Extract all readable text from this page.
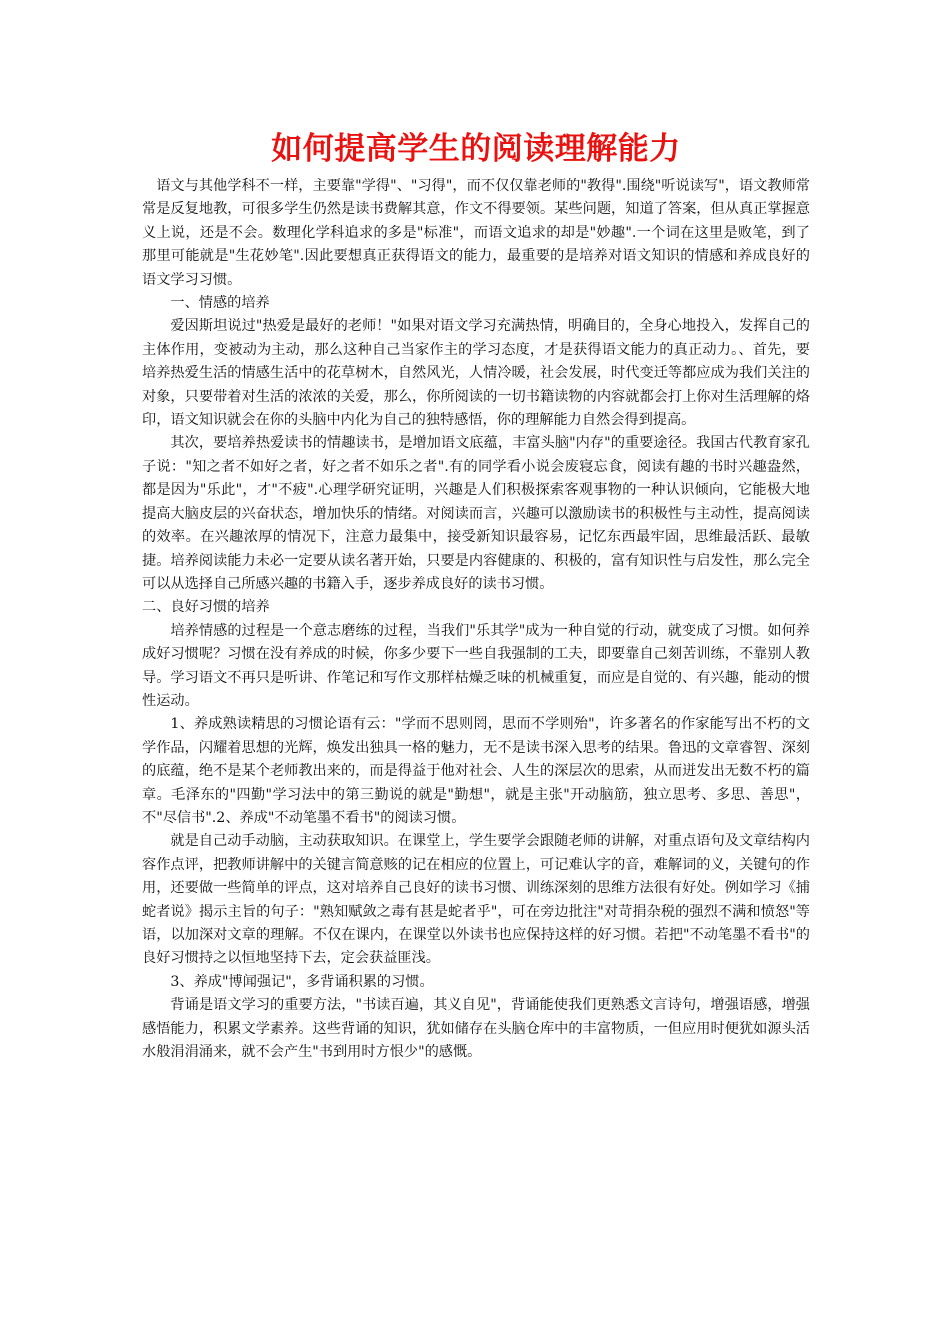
如何提高学生的阅读理解能力

语文与其他学科不一样，主要靠"学得"、"习得"，而不仅仅靠老师的"教得".围绕"听说读写"，语文教师常常是反复地教，可很多学生仍然是读书费解其意，作文不得要领。某些问题，知道了答案，但从真正掌握意义上说，还是不会。数理化学科追求的多是"标准"，而语文追求的却是"妙趣".一个词在这里是败笔，到了那里可能就是"生花妙笔".因此要想真正获得语文的能力，最重要的是培养对语文知识的情感和养成良好的语文学习习惯。

一、情感的培养

爱因斯坦说过"热爱是最好的老师！"如果对语文学习充满热情，明确目的，全身心地投入，发挥自己的主体作用，变被动为主动，那么这种自己当家作主的学习态度，才是获得语文能力的真正动力。、首先，要培养热爱生活的情感生活中的花草树木，自然风光，人情冷暖，社会发展，时代变迁等都应成为我们关注的对象，只要带着对生活的浓浓的关爱，那么，你所阅读的一切书籍读物的内容就都会打上你对生活理解的烙印，语文知识就会在你的头脑中内化为自己的独特感悟，你的理解能力自然会得到提高。

其次，要培养热爱读书的情趣读书，是增加语文底蕴，丰富头脑"内存"的重要途径。我国古代教育家孔子说："知之者不如好之者，好之者不如乐之者".有的同学看小说会废寝忘食，阅读有趣的书时兴趣盎然，都是因为"乐此"，才"不疲".心理学研究证明，兴趣是人们积极探索客观事物的一种认识倾向，它能极大地提高大脑皮层的兴奋状态，增加快乐的情绪。对阅读而言，兴趣可以激励读书的积极性与主动性，提高阅读的效率。在兴趣浓厚的情况下，注意力最集中，接受新知识最容易，记忆东西最牢固，思维最活跃、最敏捷。培养阅读能力未必一定要从读名著开始，只要是内容健康的、积极的，富有知识性与启发性，那么完全可以从选择自己所感兴趣的书籍入手，逐步养成良好的读书习惯。

二、良好习惯的培养

培养情感的过程是一个意志磨练的过程，当我们"乐其学"成为一种自觉的行动，就变成了习惯。如何养成好习惯呢？习惯在没有养成的时候，你多少要下一些自我强制的工夫，即要靠自己刻苦训练，不靠别人教导。学习语文不再只是听讲、作笔记和写作文那样枯燥乏味的机械重复，而应是自觉的、有兴趣，能动的惯性运动。

1、养成熟读精思的习惯论语有云："学而不思则罔，思而不学则殆"，许多著名的作家能写出不朽的文学作品，闪耀着思想的光辉，焕发出独具一格的魅力，无不是读书深入思考的结果。鲁迅的文章睿智、深刻的底蕴，绝不是某个老师教出来的，而是得益于他对社会、人生的深层次的思索，从而迸发出无数不朽的篇章。毛泽东的"四勤"学习法中的第三勤说的就是"勤想"，就是主张"开动脑筋，独立思考、多思、善思"，不"尽信书".2、养成"不动笔墨不看书"的阅读习惯。

就是自己动手动脑，主动获取知识。在课堂上，学生要学会跟随老师的讲解，对重点语句及文章结构内容作点评，把教师讲解中的关键言简意赅的记在相应的位置上，可记难认字的音，难解词的义，关键句的作用，还要做一些简单的评点，这对培养自己良好的读书习惯、训练深刻的思维方法很有好处。例如学习《捕蛇者说》揭示主旨的句子："熟知赋敛之毒有甚是蛇者乎"，可在旁边批注"对苛捐杂税的强烈不满和愤怒"等语，以加深对文章的理解。不仅在课内，在课堂以外读书也应保持这样的好习惯。若把"不动笔墨不看书"的良好习惯持之以恒地坚持下去，定会获益匪浅。

3、养成"博闻强记"，多背诵积累的习惯。

背诵是语文学习的重要方法，"书读百遍，其义自见"，背诵能使我们更熟悉文言诗句，增强语感，增强感悟能力，积累文学素养。这些背诵的知识，犹如储存在头脑仓库中的丰富物质，一但应用时便犹如源头活水般涓涓涌来，就不会产生"书到用时方恨少"的感慨。
